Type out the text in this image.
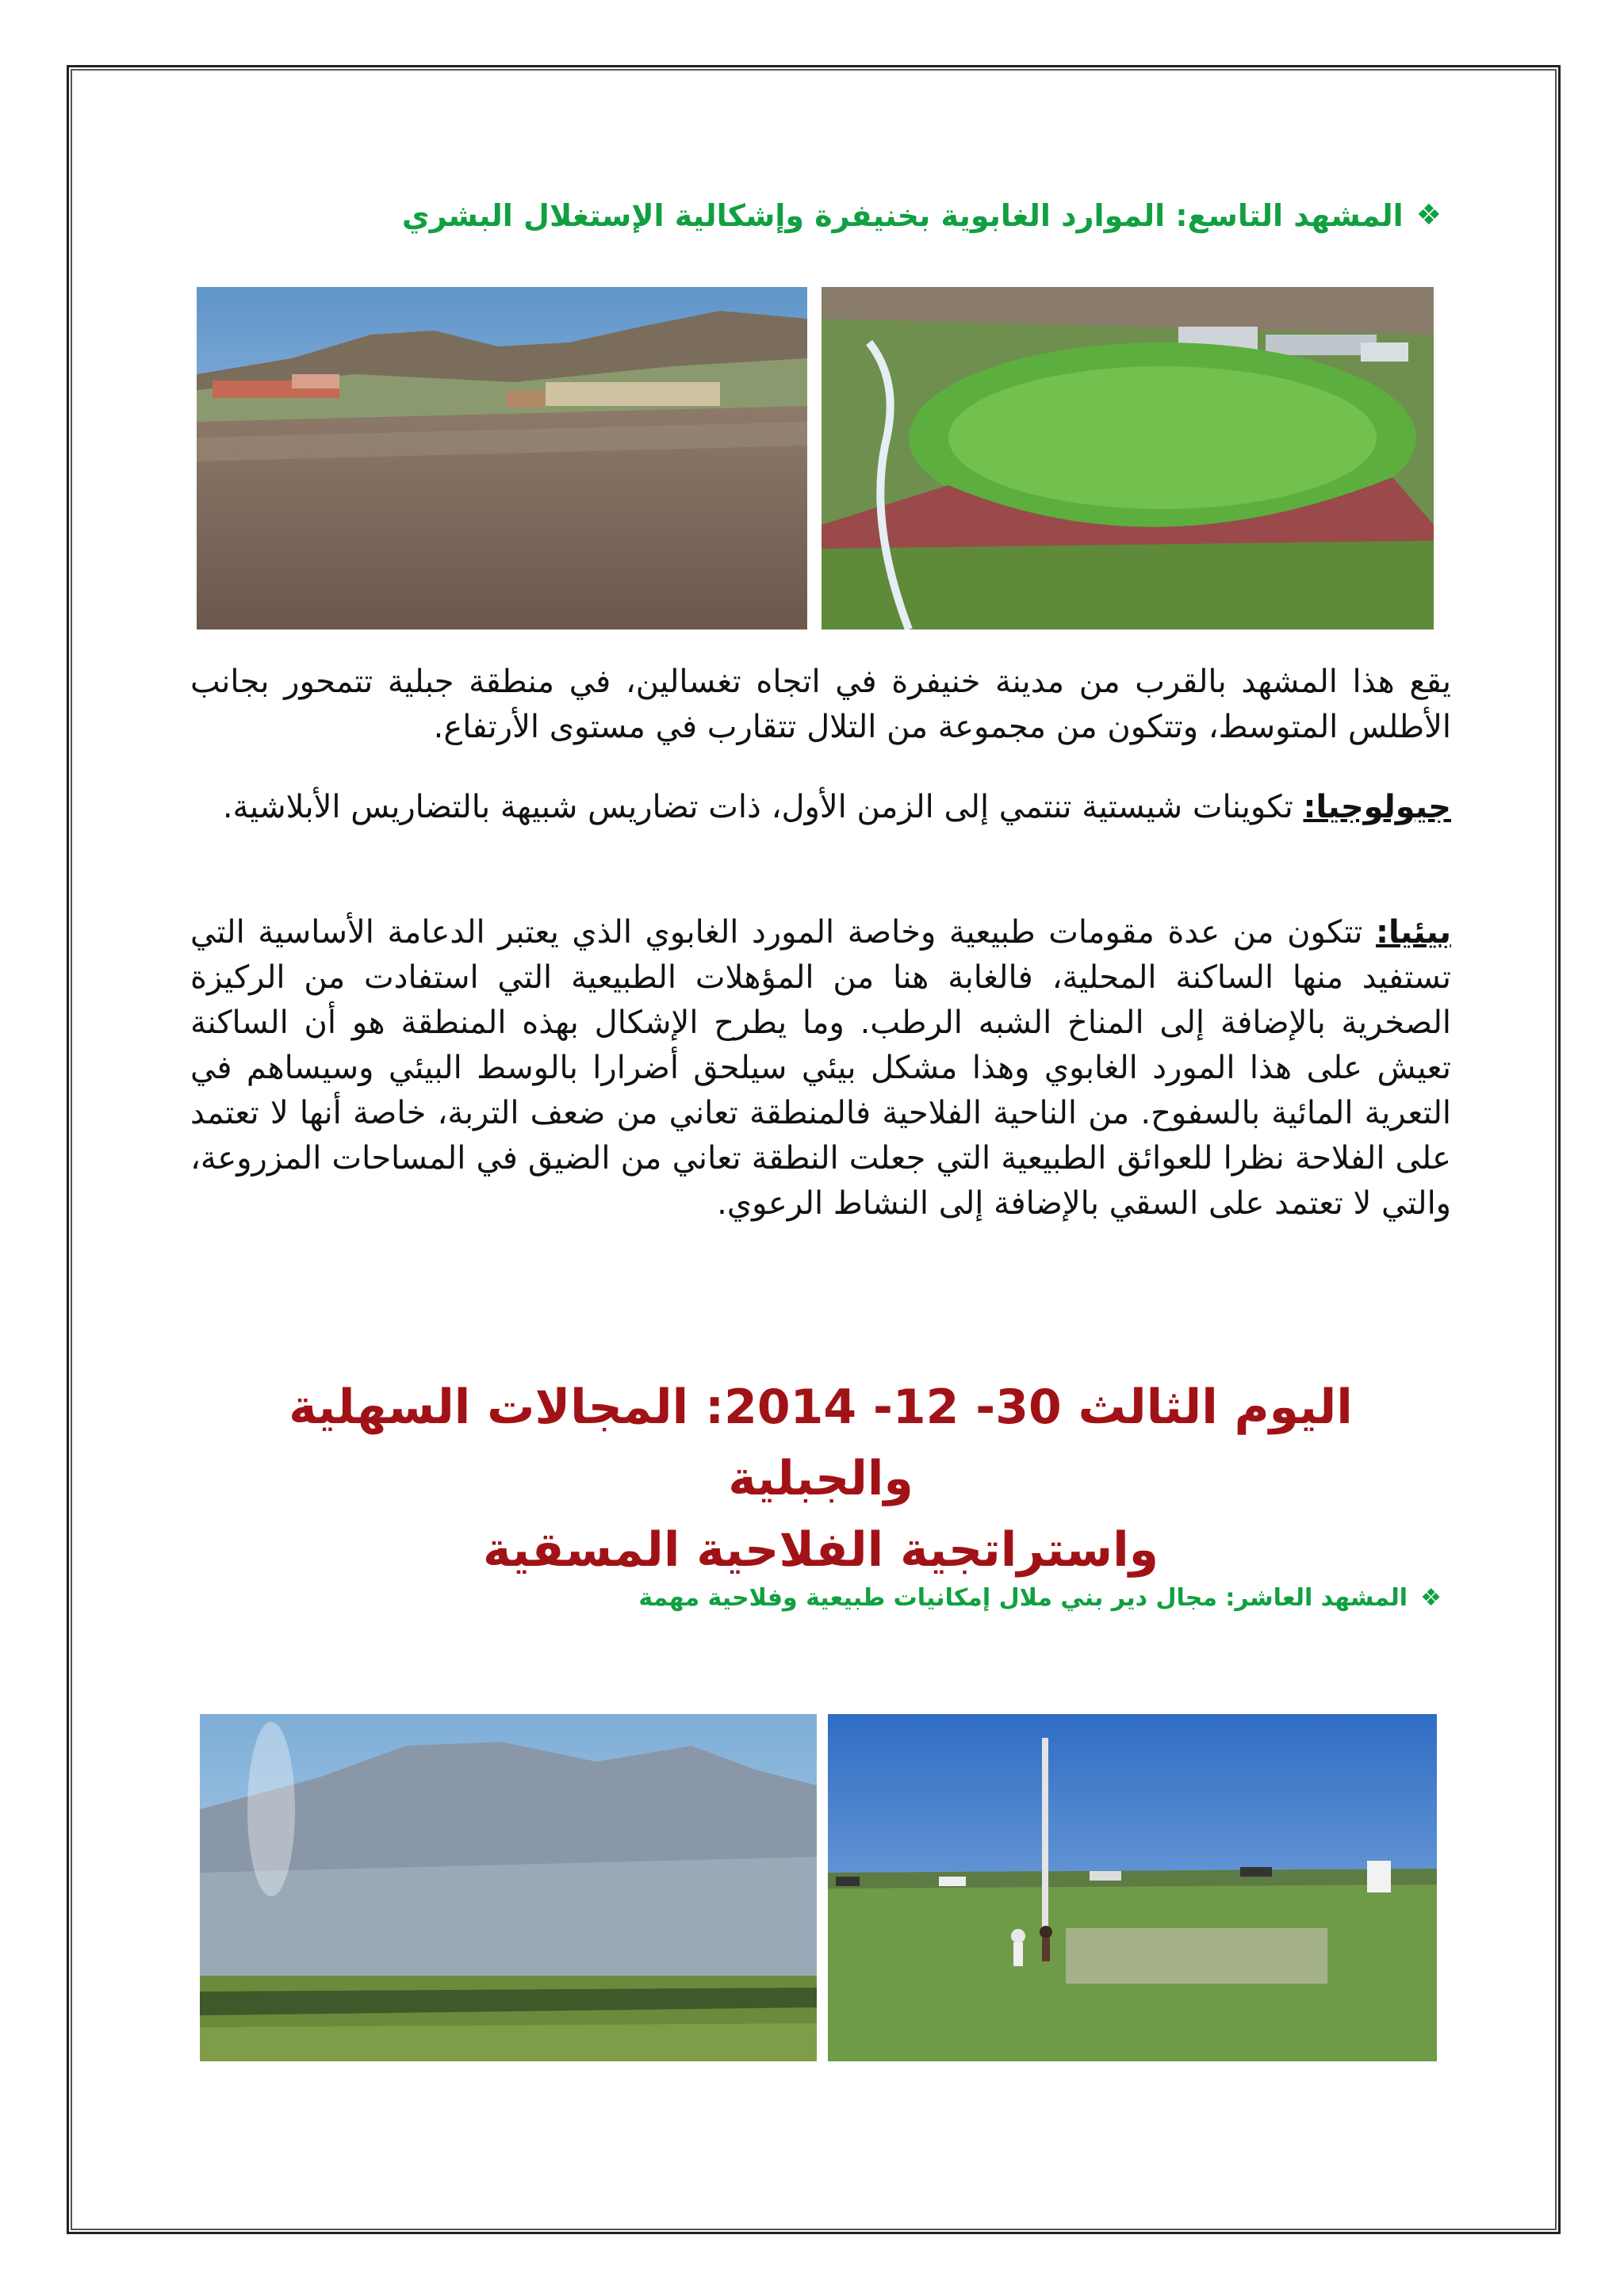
❖
المشهد التاسع: الموارد الغابوية بخنيفرة وإشكالية الإستغلال البشري
يقع هذا المشهد بالقرب من مدينة خنيفرة في اتجاه تغسالين، في منطقة جبلية تتمحور بجانب الأطلس المتوسط، وتتكون من مجموعة من التلال تتقارب في مستوى الأرتفاع.
جيولوجيا: تكوينات شيستية تنتمي إلى الزمن الأول، ذات تضاريس شبيهة بالتضاريس الأبلاشية.
بيئيا: تتكون من عدة مقومات طبيعية وخاصة المورد الغابوي الذي يعتبر الدعامة الأساسية التي تستفيد منها الساكنة المحلية، فالغابة هنا من المؤهلات الطبيعية التي استفادت من الركيزة الصخرية بالإضافة إلى المناخ الشبه الرطب. وما يطرح الإشكال بهذه المنطقة هو أن الساكنة تعيش على هذا المورد الغابوي وهذا مشكل بيئي سيلحق أضرارا بالوسط البيئي وسيساهم في التعرية المائية بالسفوح. من الناحية الفلاحية فالمنطقة تعاني من ضعف التربة، خاصة أنها لا تعتمد على الفلاحة نظرا للعوائق الطبيعية التي جعلت النطقة تعاني من الضيق في المساحات المزروعة، والتي لا تعتمد على السقي بالإضافة إلى النشاط الرعوي.
اليوم الثالث 30- 12- 2014: المجالات السهلية والجبلية
واستراتجية الفلاحية المسقية
❖
المشهد العاشر: مجال دير بني ملال إمكانيات طبيعية وفلاحية مهمة
